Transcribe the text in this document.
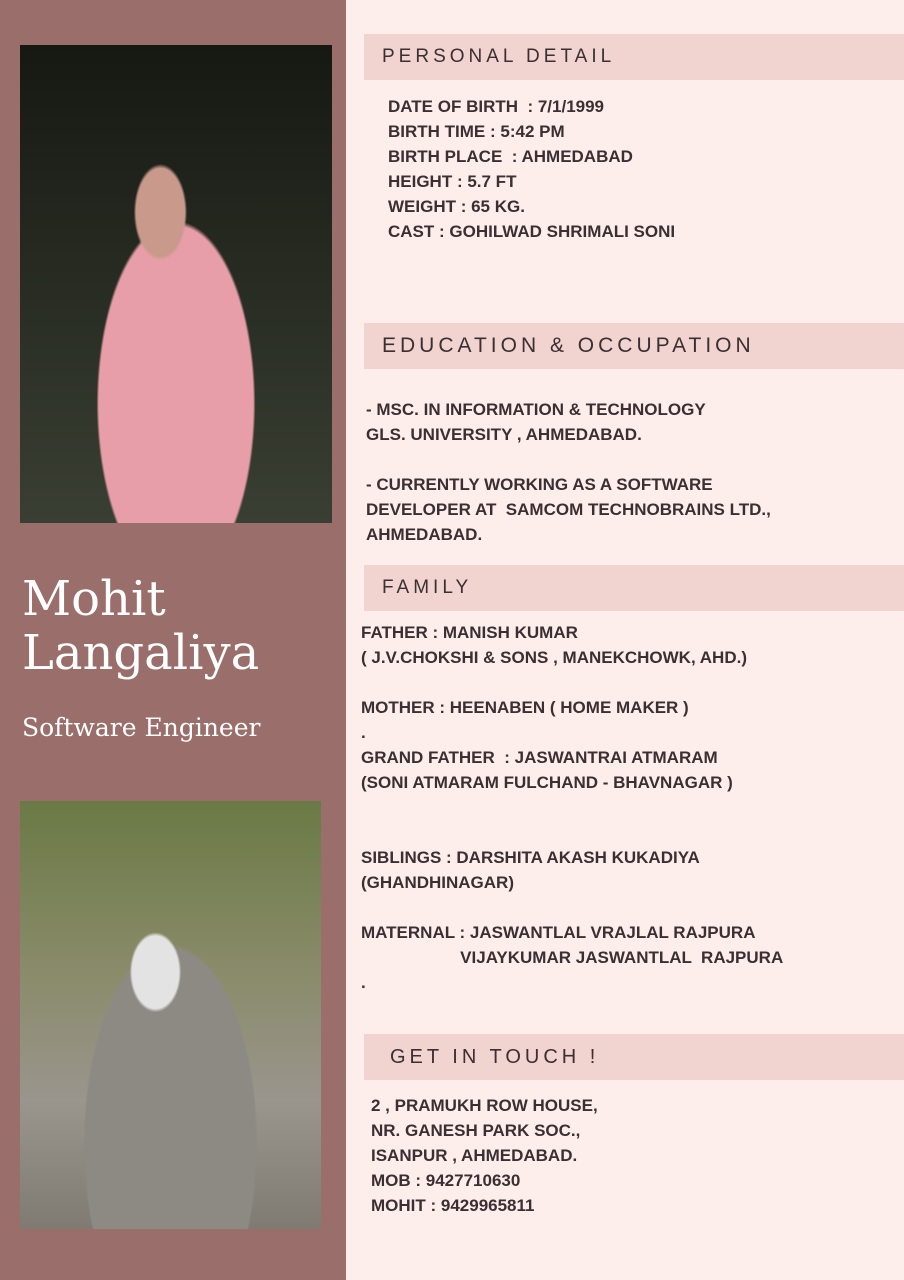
Mohit
Langaliya
Software Engineer
PERSONAL DETAIL
DATE OF BIRTH  : 7/1/1999
BIRTH TIME : 5:42 PM
BIRTH PLACE  : AHMEDABAD
HEIGHT : 5.7 FT
WEIGHT : 65 KG.
CAST : GOHILWAD SHRIMALI SONI
EDUCATION & OCCUPATION
- MSC. IN INFORMATION & TECHNOLOGY
GLS. UNIVERSITY , AHMEDABAD.
- CURRENTLY WORKING AS A SOFTWARE
DEVELOPER AT  SAMCOM TECHNOBRAINS LTD.,
AHMEDABAD.
FAMILY
FATHER : MANISH KUMAR
( J.V.CHOKSHI & SONS , MANEKCHOWK, AHD.)
MOTHER : HEENABEN ( HOME MAKER )
.
GRAND FATHER  : JASWANTRAI ATMARAM
(SONI ATMARAM FULCHAND - BHAVNAGAR )
SIBLINGS : DARSHITA AKASH KUKADIYA
(GHANDHINAGAR)
MATERNAL : JASWANTLAL VRAJLAL RAJPURA
VIJAYKUMAR JASWANTLAL  RAJPURA
.
GET IN TOUCH !
2 , PRAMUKH ROW HOUSE,
NR. GANESH PARK SOC.,
ISANPUR , AHMEDABAD.
MOB : 9427710630
MOHIT : 9429965811
